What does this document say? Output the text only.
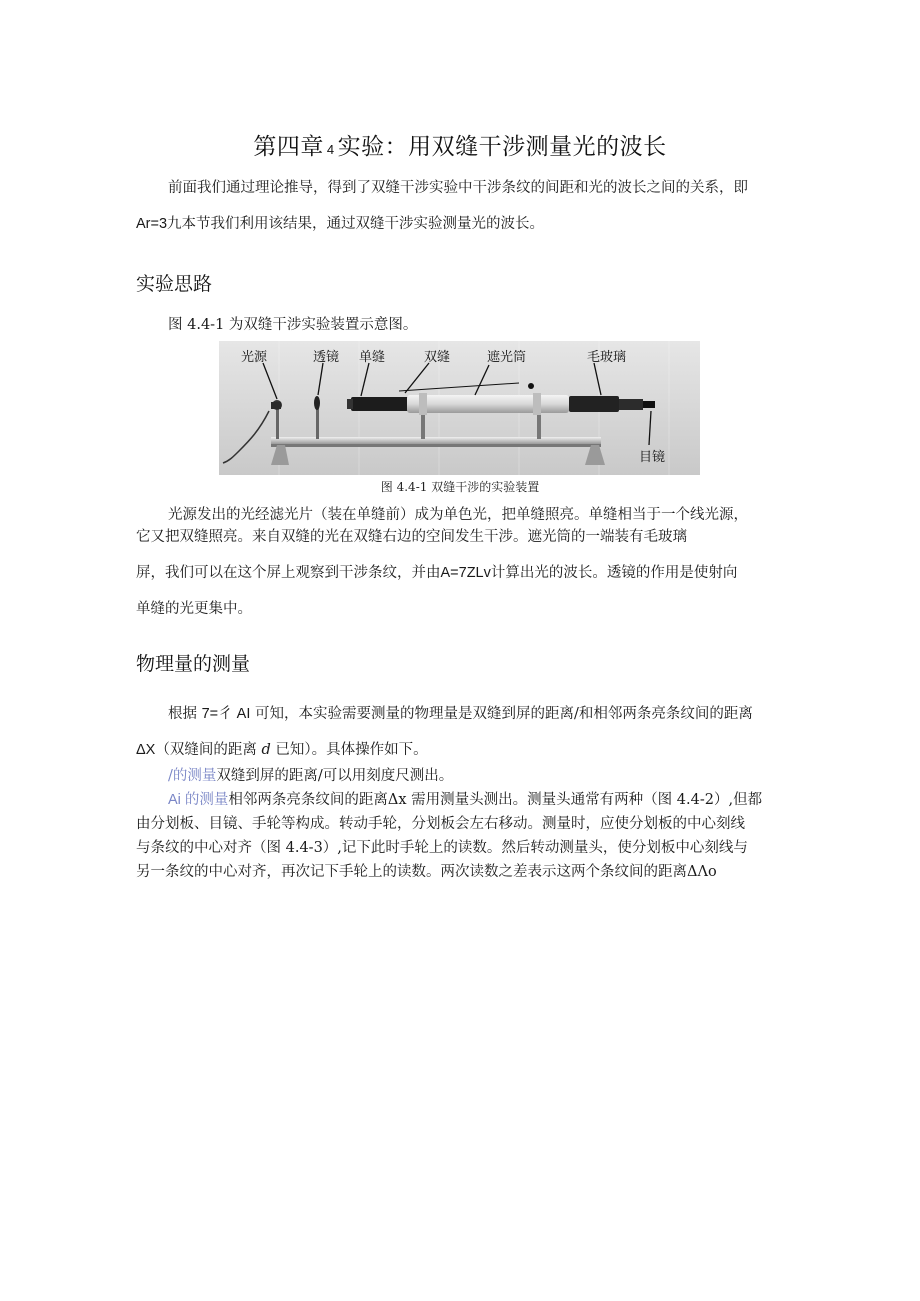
第四章 4 实验：用双缝干涉测量光的波长
前面我们通过理论推导，得到了双缝干涉实验中干涉条纹的间距和光的波长之间的关系，即
Ar=3九本节我们利用该结果，通过双缝干涉实验测量光的波长。
实验思路
图 4.4-1 为双缝干涉实验装置示意图。
光源	透镜 单缝	双缝	遮光筒	毛玻璃
目镜
图 4.4-1 双缝干涉的实验装置
光源发出的光经滤光片（装在单缝前）成为单色光，把单缝照亮。单缝相当于一个线光源，
它又把双缝照亮。来自双缝的光在双缝右边的空间发生干涉。遮光筒的一端装有毛玻璃
屏，我们可以在这个屏上观察到干涉条纹，并由A=7ZLv计算出光的波长。透镜的作用是使射向
单缝的光更集中。
物理量的测量
根据 7=彳 AI 可知，本实验需要测量的物理量是双缝到屏的距离/和相邻两条亮条纹间的距离
ΔX（双缝间的距离 d 已知）。具体操作如下。
/的测量双缝到屏的距离/可以用刻度尺测出。
Ai 的测量相邻两条亮条纹间的距离Δx 需用测量头测出。测量头通常有两种（图 4.4-2）,但都
由分划板、目镜、手轮等构成。转动手轮，分划板会左右移动。测量时，应使分划板的中心刻线
与条纹的中心对齐（图 4.4-3）,记下此时手轮上的读数。然后转动测量头，使分划板中心刻线与
另一条纹的中心对齐，再次记下手轮上的读数。两次读数之差表示这两个条纹间的距离ΔΛo
